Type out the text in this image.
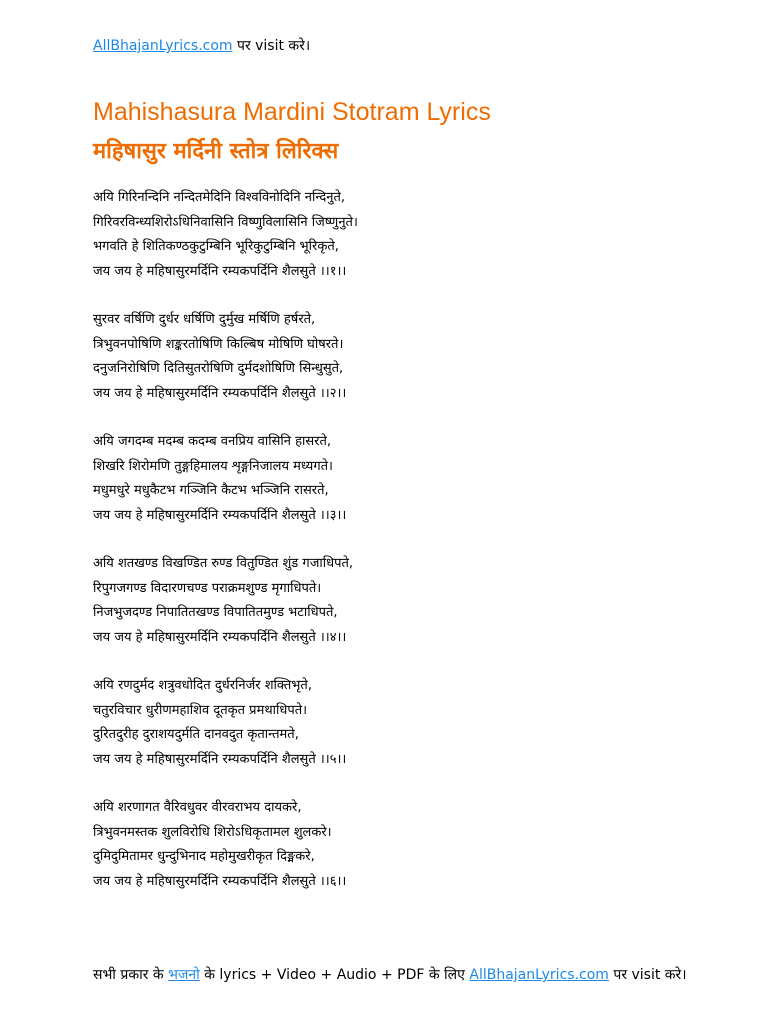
AllBhajanLyrics.com पर visit करे।
Mahishasura Mardini Stotram Lyrics
महिषासुर मर्दिनी स्तोत्र लिरिक्स
अयि गिरिनन्दिनि नन्दितमेदिनि विश्वविनोदिनि नन्दिनुते,
गिरिवरविन्ध्यशिरोऽधिनिवासिनि विष्णुविलासिनि जिष्णुनुते।
भगवति हे शितिकण्ठकुटुम्बिनि भूरिकुटुम्बिनि भूरिकृते,
जय जय हे महिषासुरमर्दिनि रम्यकपर्दिनि शैलसुते ।।१।।
सुरवर वर्षिणि दुर्धर धर्षिणि दुर्मुख मर्षिणि हर्षरते,
त्रिभुवनपोषिणि शङ्करतोषिणि किल्बिष मोषिणि घोषरते।
दनुजनिरोषिणि दितिसुतरोषिणि दुर्मदशोषिणि सिन्धुसुते,
जय जय हे महिषासुरमर्दिनि रम्यकपर्दिनि शैलसुते ।।२।।
अयि जगदम्ब मदम्ब कदम्ब वनप्रिय वासिनि हासरते,
शिखरि शिरोमणि तुङ्गहिमालय शृङ्गनिजालय मध्यगते।
मधुमधुरे मधुकैटभ गञ्जिनि कैटभ भञ्जिनि रासरते,
जय जय हे महिषासुरमर्दिनि रम्यकपर्दिनि शैलसुते ।।३।।
अयि शतखण्ड विखण्डित रुण्ड वितुण्डित शुंड गजाधिपते,
रिपुगजगण्ड विदारणचण्ड पराक्रमशुण्ड मृगाधिपते।
निजभुजदण्ड निपातितखण्ड विपातितमुण्ड भटाधिपते,
जय जय हे महिषासुरमर्दिनि रम्यकपर्दिनि शैलसुते ।।४।।
अयि रणदुर्मद शत्रुवधोदित दुर्धरनिर्जर शक्तिभृते,
चतुरविचार धुरीणमहाशिव दूतकृत प्रमथाधिपते।
दुरितदुरीह दुराशयदुर्मति दानवदुत कृतान्तमते,
जय जय हे महिषासुरमर्दिनि रम्यकपर्दिनि शैलसुते ।।५।।
अयि शरणागत वैरिवधुवर वीरवराभय दायकरे,
त्रिभुवनमस्तक शुलविरोधि शिरोऽधिकृतामल शुलकरे।
दुमिदुमितामर धुन्दुभिनाद महोमुखरीकृत दिङ्मकरे,
जय जय हे महिषासुरमर्दिनि रम्यकपर्दिनि शैलसुते ।।६।।
सभी प्रकार के भजनो के lyrics + Video + Audio + PDF के लिए AllBhajanLyrics.com पर visit करे।
